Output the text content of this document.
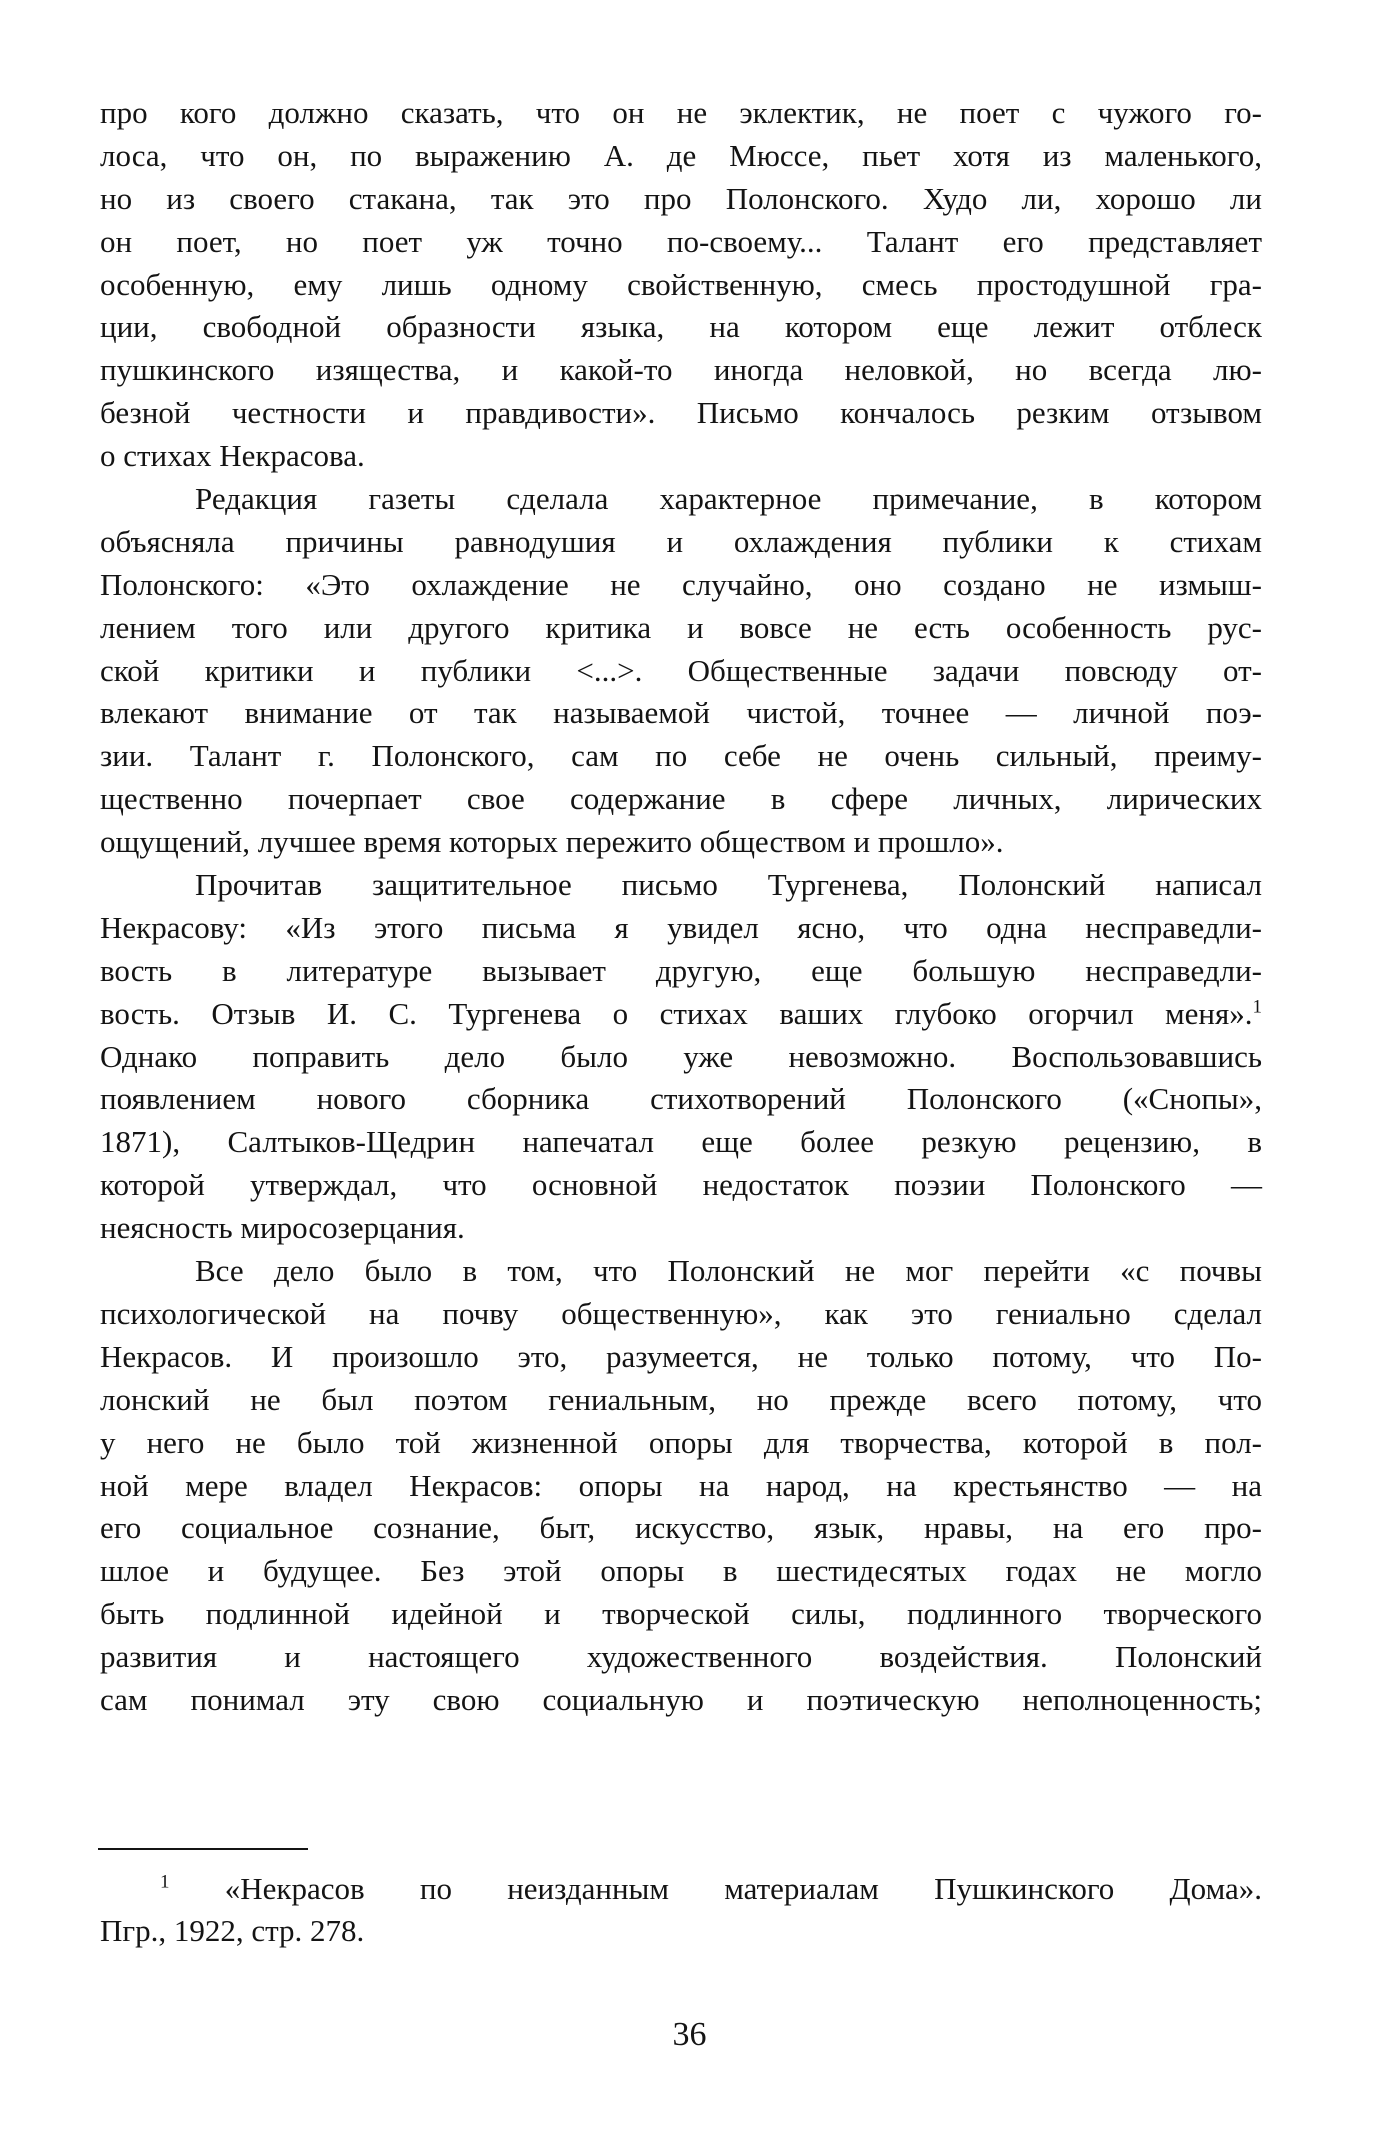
про кого должно сказать, что он не эклектик, не поет с чужого го-
лоса, что он, по выражению А. де Мюссе, пьет хотя из маленького,
но из своего стакана, так это про Полонского. Худо ли, хорошо ли
он поет, но поет уж точно по-своему... Талант его представляет
особенную, ему лишь одному свойственную, смесь простодушной гра-
ции, свободной образности языка, на котором еще лежит отблеск
пушкинского изящества, и какой-то иногда неловкой, но всегда лю-
безной честности и правдивости». Письмо кончалось резким отзывом
о стихах Некрасова.
Редакция газеты сделала характерное примечание, в котором
объясняла причины равнодушия и охлаждения публики к стихам
Полонского: «Это охлаждение не случайно, оно создано не измыш-
лением того или другого критика и вовсе не есть особенность рус-
ской критики и публики <...>. Общественные задачи повсюду от-
влекают внимание от так называемой чистой, точнее — личной поэ-
зии. Талант г. Полонского, сам по себе не очень сильный, преиму-
щественно почерпает свое содержание в сфере личных, лирических
ощущений, лучшее время которых пережито обществом и прошло».
Прочитав защитительное письмо Тургенева, Полонский написал
Некрасову: «Из этого письма я увидел ясно, что одна несправедли-
вость в литературе вызывает другую, еще большую несправедли-
вость. Отзыв И. С. Тургенева о стихах ваших глубоко огорчил меня».$^1$
Однако поправить дело было уже невозможно. Воспользовавшись
появлением нового сборника стихотворений Полонского («Снопы»,
1871), Салтыков-Щедрин напечатал еще более резкую рецензию, в
которой утверждал, что основной недостаток поэзии Полонского —
неясность миросозерцания.
Все дело было в том, что Полонский не мог перейти «с почвы
психологической на почву общественную», как это гениально сделал
Некрасов. И произошло это, разумеется, не только потому, что По-
лонский не был поэтом гениальным, но прежде всего потому, что
у него не было той жизненной опоры для творчества, которой в пол-
ной мере владел Некрасов: опоры на народ, на крестьянство — на
его социальное сознание, быт, искусство, язык, нравы, на его про-
шлое и будущее. Без этой опоры в шестидесятых годах не могло
быть подлинной идейной и творческой силы, подлинного творческого
развития и настоящего художественного воздействия. Полонский
сам понимал эту свою социальную и поэтическую неполноценность;
$^1$ «Некрасов по неизданным материалам Пушкинского Дома».
Пгр., 1922, стр. 278.
36
